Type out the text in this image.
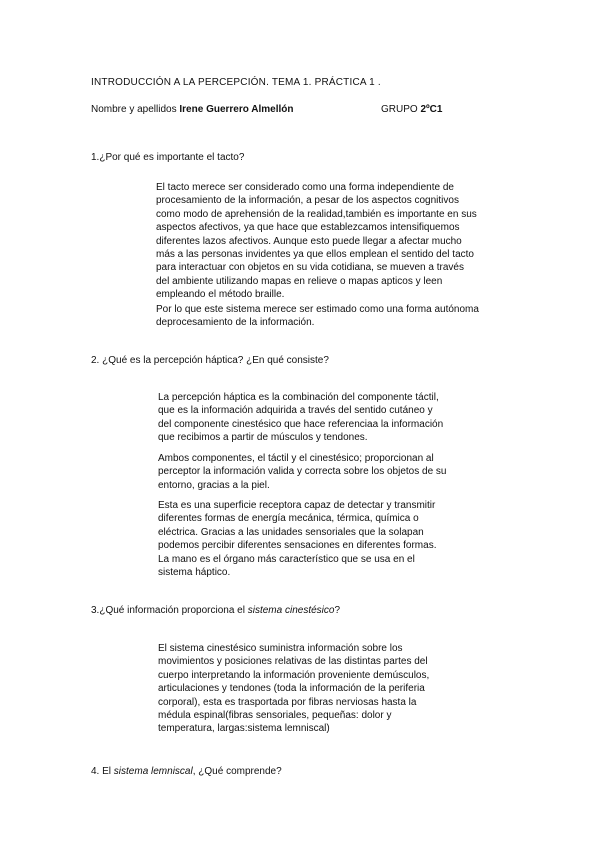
INTRODUCCIÓN A LA PERCEPCIÓN. TEMA 1. PRÁCTICA 1 .
Nombre y apellidos Irene Guerrero Almellón	GRUPO 2ºC1
1.¿Por qué es importante el tacto?
El tacto merece ser considerado como una forma independiente de
procesamiento de la información, a pesar de los aspectos cognitivos
como modo de aprehensión de la realidad,también es importante en sus
aspectos afectivos, ya que hace que establezcamos intensifiquemos
diferentes lazos afectivos. Aunque esto puede llegar a afectar mucho
más a las personas invidentes ya que ellos emplean el sentido del tacto
para interactuar con objetos en su vida cotidiana, se mueven a través
del ambiente utilizando mapas en relieve o mapas apticos y leen
empleando el método braille.
Por lo que este sistema merece ser estimado como una forma autónoma
deprocesamiento de la información.
2. ¿Qué es la percepción háptica? ¿En qué consiste?
La percepción háptica es la combinación del componente táctil,
que es la información adquirida a través del sentido cutáneo y
del componente cinestésico que hace referenciaa la información
que recibimos a partir de músculos y tendones.
Ambos componentes, el táctil y el cinestésico; proporcionan al
perceptor la información valida y correcta sobre los objetos de su
entorno, gracias a la piel.
Esta es una superficie receptora capaz de detectar y transmitir
diferentes formas de energía mecánica, térmica, química o
eléctrica. Gracias a las unidades sensoriales que la solapan
podemos percibir diferentes sensaciones en diferentes formas.
La mano es el órgano más característico que se usa en el
sistema háptico.
3.¿Qué información proporciona el sistema cinestésico?
El sistema cinestésico suministra información sobre los
movimientos y posiciones relativas de las distintas partes del
cuerpo interpretando la información proveniente demúsculos,
articulaciones y tendones (toda la información de la periferia
corporal), esta es trasportada por fibras nerviosas hasta la
médula espinal(fibras sensoriales, pequeñas: dolor y
temperatura, largas:sistema lemniscal)
4. El sistema lemniscal, ¿Qué comprende?
